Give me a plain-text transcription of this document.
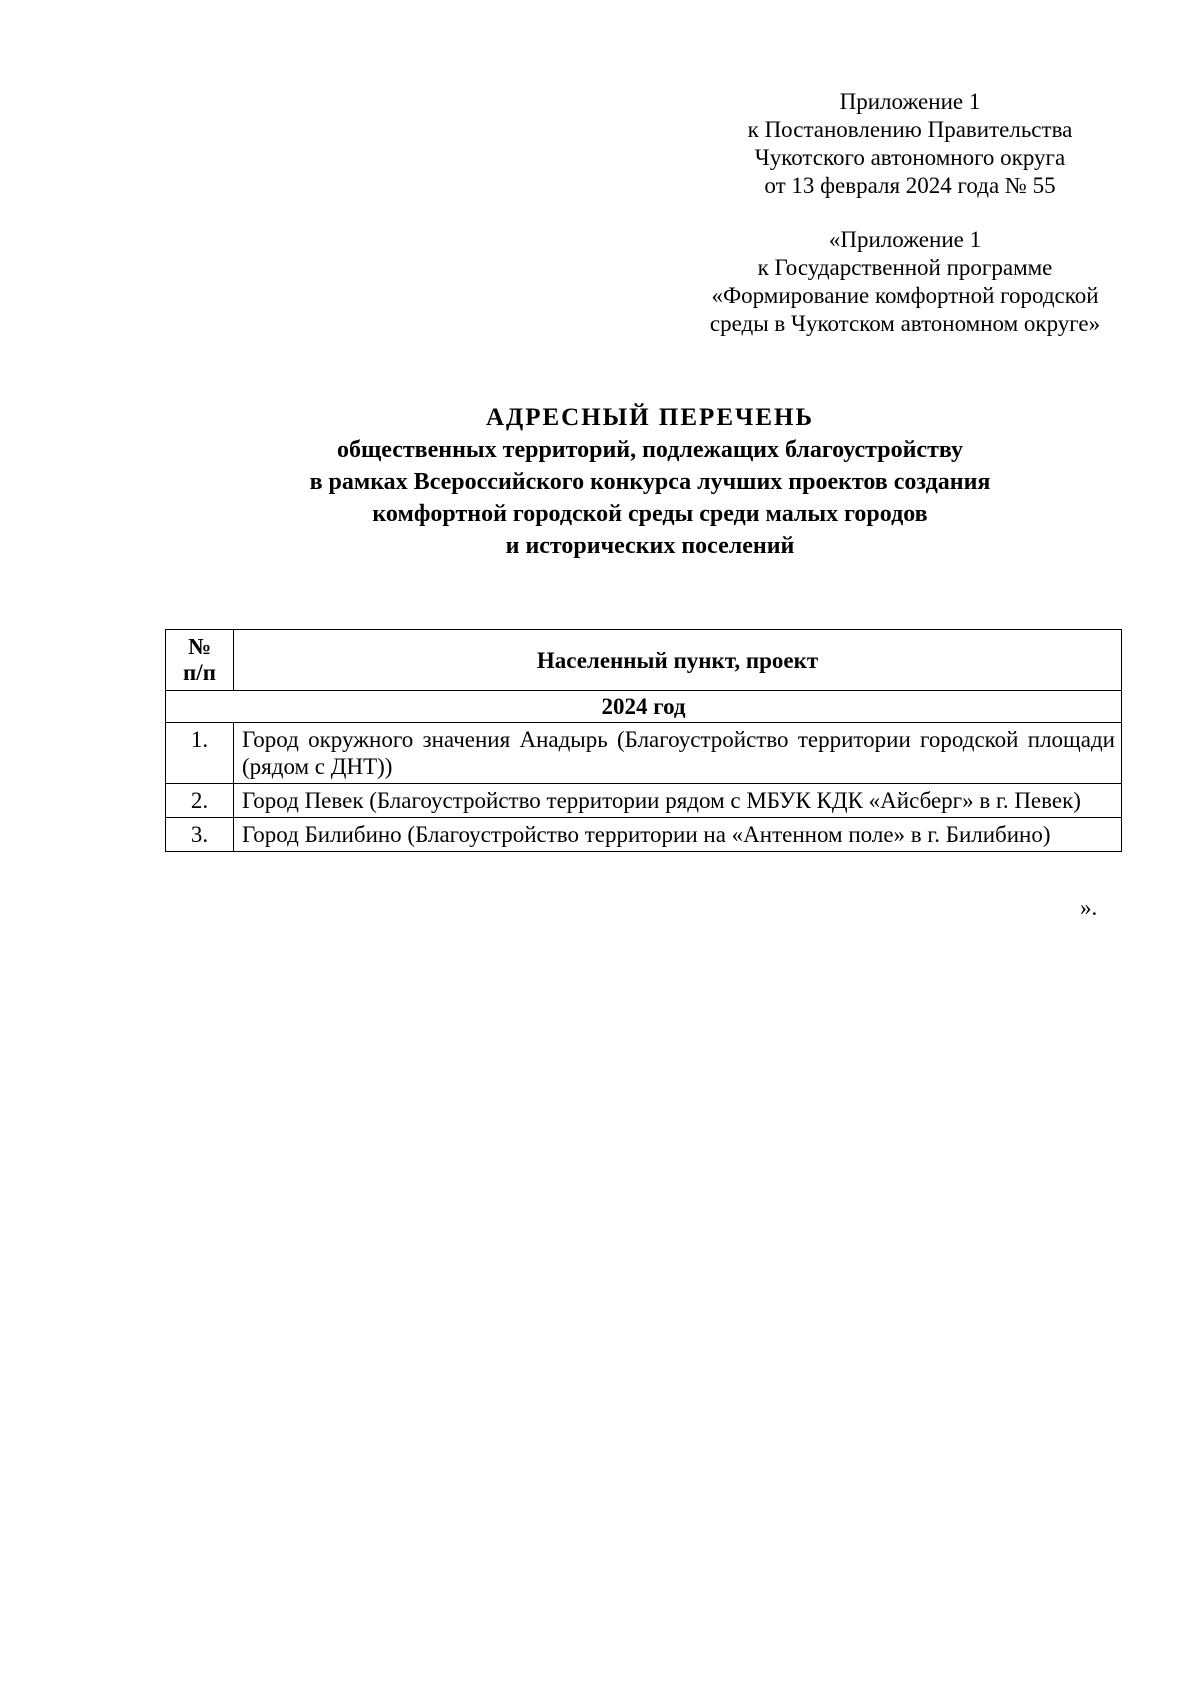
Приложение 1
к Постановлению Правительства
Чукотского автономного округа
от 13 февраля 2024 года № 55
«Приложение 1
к Государственной программе
«Формирование комфортной городской
среды в Чукотском автономном округе»
АДРЕСНЫЙ ПЕРЕЧЕНЬ
общественных территорий, подлежащих благоустройству
в рамках Всероссийского конкурса лучших проектов создания
комфортной городской среды среди малых городов
и исторических поселений
№
п/п	Населенный пункт, проект
2024 год	
1.	Город окружного значения Анадырь (Благоустройство территории городской площади (рядом с ДНТ))
2.	Город Певек (Благоустройство территории рядом с МБУК КДК «Айсберг» в г. Певек)
3.	Город Билибино (Благоустройство территории на «Антенном поле» в г. Билибино)
».
